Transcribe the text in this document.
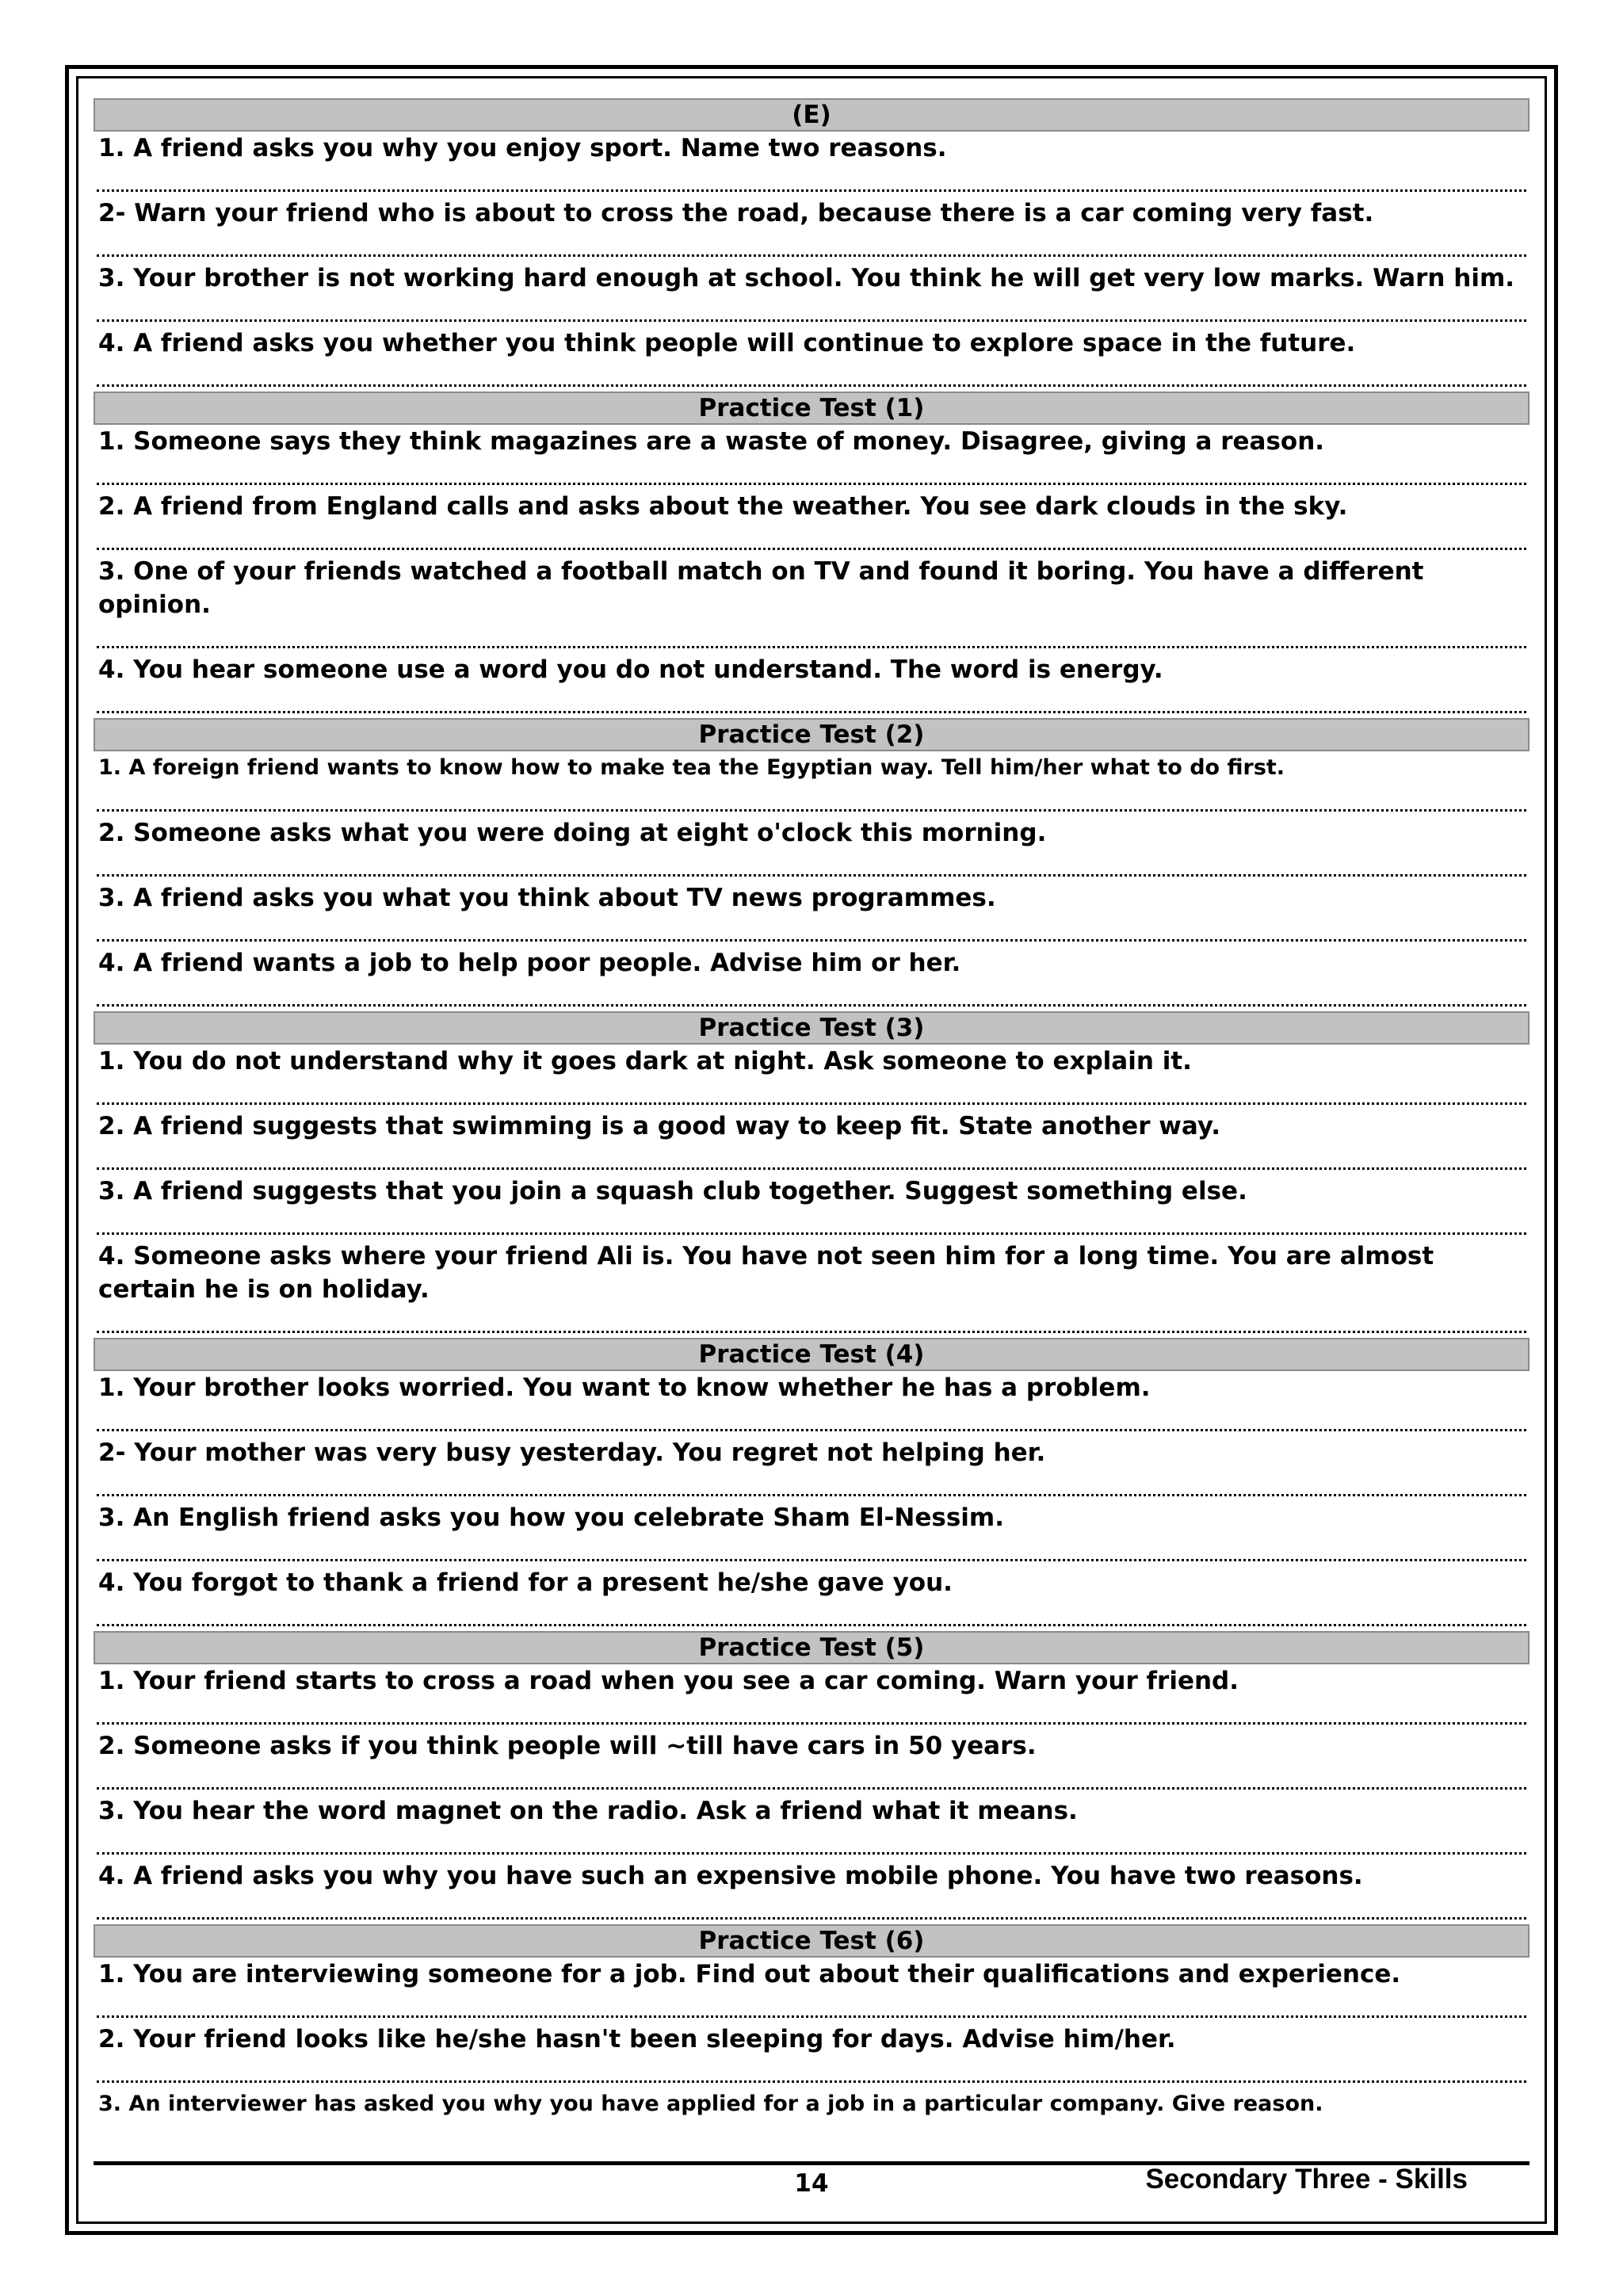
(E)
1. A friend asks you why you enjoy sport. Name two reasons.
2- Warn your friend who is about to cross the road, because there is a car coming very fast.
3. Your brother is not working hard enough at school. You think he will get very low marks. Warn him.
4. A friend asks you whether you think people will continue to explore space in the future.
Practice Test (1)
1. Someone says they think magazines are a waste of money. Disagree, giving a reason.
2. A friend from England calls and asks about the weather. You see dark clouds in the sky.
3. One of your friends watched a football match on TV and found it boring. You have a different opinion.
4. You hear someone use a word you do not understand. The word is energy.
Practice Test (2)
1. A foreign friend wants to know how to make tea the Egyptian way. Tell him/her what to do first.
2. Someone asks what you were doing at eight o'clock this morning.
3. A friend asks you what you think about TV news programmes.
4. A friend wants a job to help poor people. Advise him or her.
Practice Test (3)
1. You do not understand why it goes dark at night. Ask someone to explain it.
2. A friend suggests that swimming is a good way to keep fit. State another way.
3. A friend suggests that you join a squash club together. Suggest something else.
4. Someone asks where your friend Ali is. You have not seen him for a long time. You are almost certain he is on holiday.
Practice Test (4)
1. Your brother looks worried. You want to know whether he has a problem.
2- Your mother was very busy yesterday. You regret not helping her.
3. An English friend asks you how you celebrate Sham El-Nessim.
4. You forgot to thank a friend for a present he/she gave you.
Practice Test (5)
1. Your friend starts to cross a road when you see a car coming. Warn your friend.
2. Someone asks if you think people will ~till have cars in 50 years.
3. You hear the word magnet on the radio. Ask a friend what it means.
4. A friend asks you why you have such an expensive mobile phone. You have two reasons.
Practice Test (6)
1. You are interviewing someone for a job. Find out about their qualifications and experience.
2. Your friend looks like he/she hasn't been sleeping for days. Advise him/her.
3. An interviewer has asked you why you have applied for a job in a particular company. Give reason.
14	Secondary Three - Skills
